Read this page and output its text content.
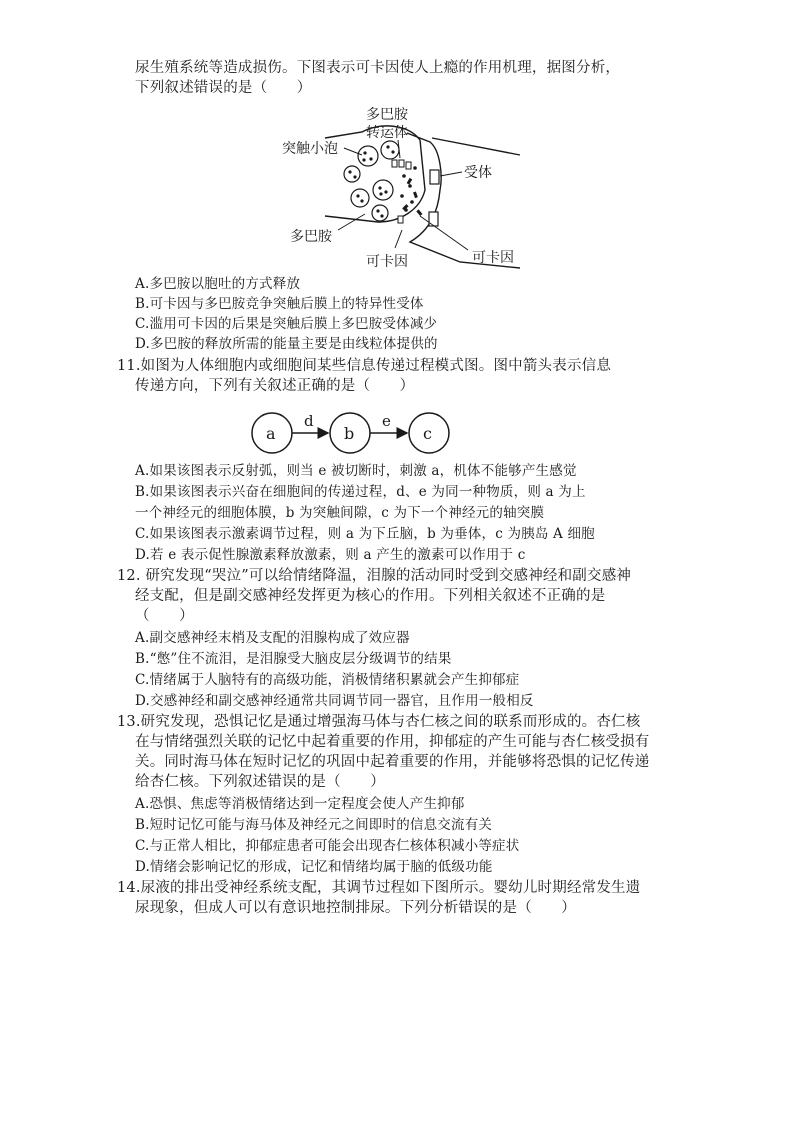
尿生殖系统等造成损伤。下图表示可卡因使人上瘾的作用机理，据图分析，
下列叙述错误的是（　　）
多巴胺
转运体
突触小泡
受体
多巴胺
可卡因	可卡因
A.多巴胺以胞吐的方式释放
B.可卡因与多巴胺竞争突触后膜上的特异性受体
C.滥用可卡因的后果是突触后膜上多巴胺受体减少
D.多巴胺的释放所需的能量主要是由线粒体提供的
11.如图为人体细胞内或细胞间某些信息传递过程模式图。图中箭头表示信息
传递方向，下列有关叙述正确的是（　　）
a	b	c
d	e
A.如果该图表示反射弧，则当 e 被切断时，刺激 a，机体不能够产生感觉
B.如果该图表示兴奋在细胞间的传递过程，d、e 为同一种物质，则 a 为上
一个神经元的细胞体膜，b 为突触间隙，c 为下一个神经元的轴突膜
C.如果该图表示激素调节过程，则 a 为下丘脑，b 为垂体，c 为胰岛 A 细胞
D.若 e 表示促性腺激素释放激素，则 a 产生的激素可以作用于 c
12. 研究发现“哭泣”可以给情绪降温，泪腺的活动同时受到交感神经和副交感神
经支配，但是副交感神经发挥更为核心的作用。下列相关叙述不正确的是
（　　）
A.副交感神经末梢及支配的泪腺构成了效应器
B.“憋”住不流泪，是泪腺受大脑皮层分级调节的结果
C.情绪属于人脑特有的高级功能，消极情绪积累就会产生抑郁症
D.交感神经和副交感神经通常共同调节同一器官，且作用一般相反
13.研究发现，恐惧记忆是通过增强海马体与杏仁核之间的联系而形成的。杏仁核
在与情绪强烈关联的记忆中起着重要的作用，抑郁症的产生可能与杏仁核受损有
关。同时海马体在短时记忆的巩固中起着重要的作用，并能够将恐惧的记忆传递
给杏仁核。下列叙述错误的是（　　）
A.恐惧、焦虑等消极情绪达到一定程度会使人产生抑郁
B.短时记忆可能与海马体及神经元之间即时的信息交流有关
C.与正常人相比，抑郁症患者可能会出现杏仁核体积减小等症状
D.情绪会影响记忆的形成，记忆和情绪均属于脑的低级功能
14.尿液的排出受神经系统支配，其调节过程如下图所示。婴幼儿时期经常发生遗
尿现象，但成人可以有意识地控制排尿。下列分析错误的是（　　）
